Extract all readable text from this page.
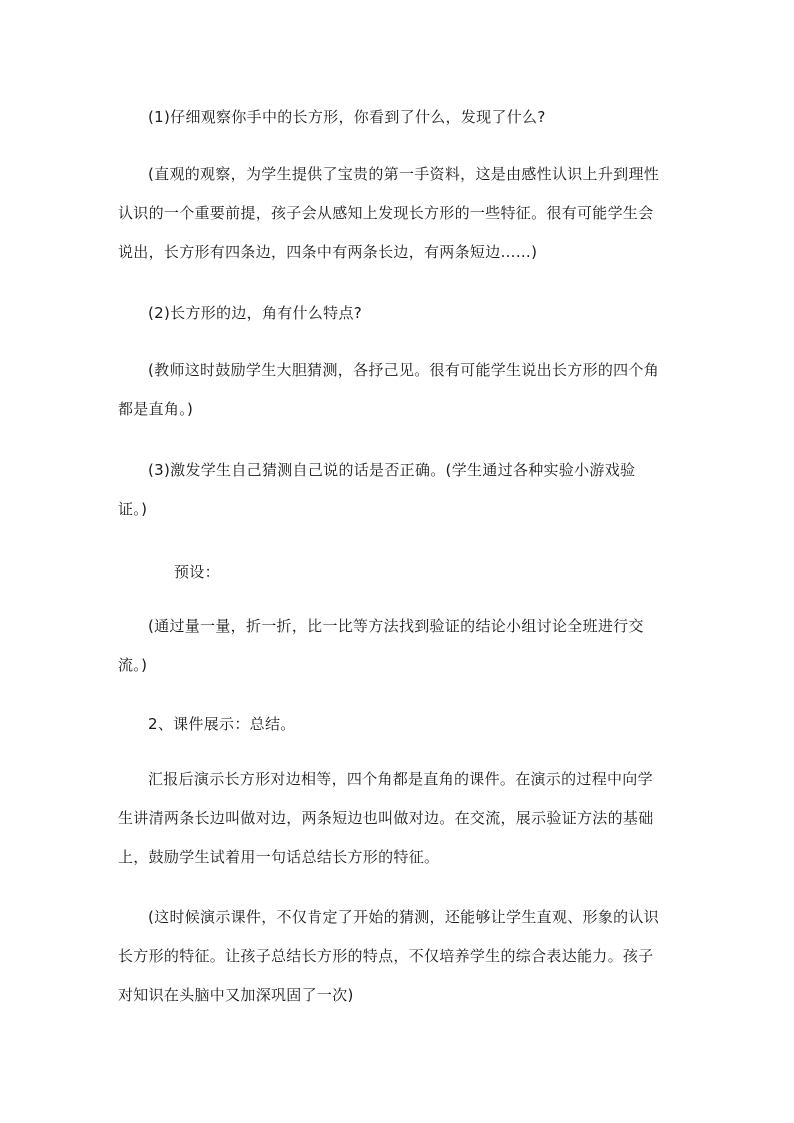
(1)仔细观察你手中的长方形，你看到了什么，发现了什么?

(直观的观察，为学生提供了宝贵的第一手资料，这是由感性认识上升到理性
认识的一个重要前提，孩子会从感知上发现长方形的一些特征。很有可能学生会
说出，长方形有四条边，四条中有两条长边，有两条短边……)

(2)长方形的边，角有什么特点?

(教师这时鼓励学生大胆猜测，各抒己见。很有可能学生说出长方形的四个角
都是直角。)

(3)激发学生自己猜测自己说的话是否正确。(学生通过各种实验小游戏验
证。)

预设：

(通过量一量，折一折，比一比等方法找到验证的结论小组讨论全班进行交
流。)

2、课件展示：总结。

汇报后演示长方形对边相等，四个角都是直角的课件。在演示的过程中向学
生讲清两条长边叫做对边，两条短边也叫做对边。在交流，展示验证方法的基础
上，鼓励学生试着用一句话总结长方形的特征。

(这时候演示课件，不仅肯定了开始的猜测，还能够让学生直观、形象的认识
长方形的特征。让孩子总结长方形的特点，不仅培养学生的综合表达能力。孩子
对知识在头脑中又加深巩固了一次)
